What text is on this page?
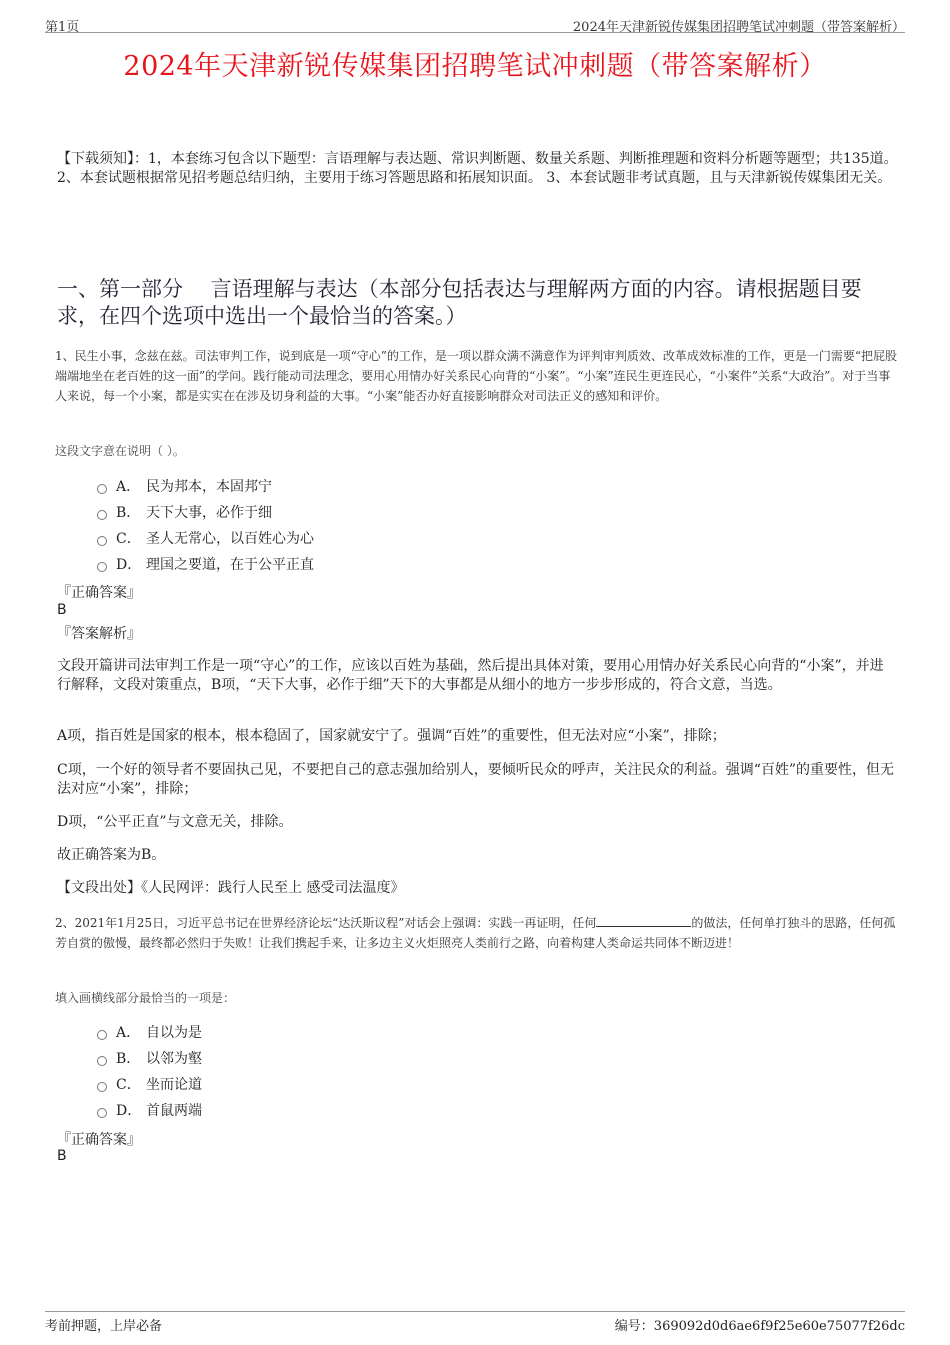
第1页	2024年天津新锐传媒集团招聘笔试冲刺题（带答案解析）
2024年天津新锐传媒集团招聘笔试冲刺题（带答案解析）
【下载须知】：1，本套练习包含以下题型：言语理解与表达题、常识判断题、数量关系题、判断推理题和资料分析题等题型；共135道。 2、本套试题根据常见招考题总结归纳，主要用于练习答题思路和拓展知识面。 3、本套试题非考试真题，且与天津新锐传媒集团无关。
一、第一部分　 言语理解与表达（本部分包括表达与理解两方面的内容。请根据题目要求，在四个选项中选出一个最恰当的答案。）
1、民生小事，念兹在兹。司法审判工作，说到底是一项“守心”的工作，是一项以群众满不满意作为评判审判质效、改革成效标准的工作，更是一门需要“把屁股端端地坐在老百姓的这一面”的学问。践行能动司法理念，要用心用情办好关系民心向背的“小案”。“小案”连民生更连民心，“小案件”关系“大政治”。对于当事人来说，每一个小案，都是实实在在涉及切身利益的大事。“小案”能否办好直接影响群众对司法正义的感知和评价。
这段文字意在说明（ ）。
A． 民为邦本，本固邦宁
B． 天下大事，必作于细
C． 圣人无常心，以百姓心为心
D． 理国之要道，在于公平正直
『正确答案』
B
『答案解析』
文段开篇讲司法审判工作是一项“守心”的工作，应该以百姓为基础，然后提出具体对策，要用心用情办好关系民心向背的“小案”，并进行解释，文段对策重点，B项，“天下大事，必作于细”天下的大事都是从细小的地方一步步形成的，符合文意，当选。
A项，指百姓是国家的根本，根本稳固了，国家就安宁了。强调“百姓”的重要性，但无法对应“小案”，排除；
C项，一个好的领导者不要固执己见，不要把自己的意志强加给别人，要倾听民众的呼声，关注民众的利益。强调“百姓”的重要性，但无法对应“小案”，排除；
D项，“公平正直”与文意无关，排除。
故正确答案为B。
【文段出处】《人民网评：践行人民至上 感受司法温度》
2、2021年1月25日，习近平总书记在世界经济论坛“达沃斯议程”对话会上强调：实践一再证明，任何	的做法，任何单打独斗的思路，任何孤芳自赏的傲慢，最终都必然归于失败！让我们携起手来，让多边主义火炬照亮人类前行之路，向着构建人类命运共同体不断迈进！
填入画横线部分最恰当的一项是：
A． 自以为是
B． 以邻为壑
C． 坐而论道
D． 首鼠两端
『正确答案』
B
考前押题，上岸必备	编号：369092d0d6ae6f9f25e60e75077f26dc
